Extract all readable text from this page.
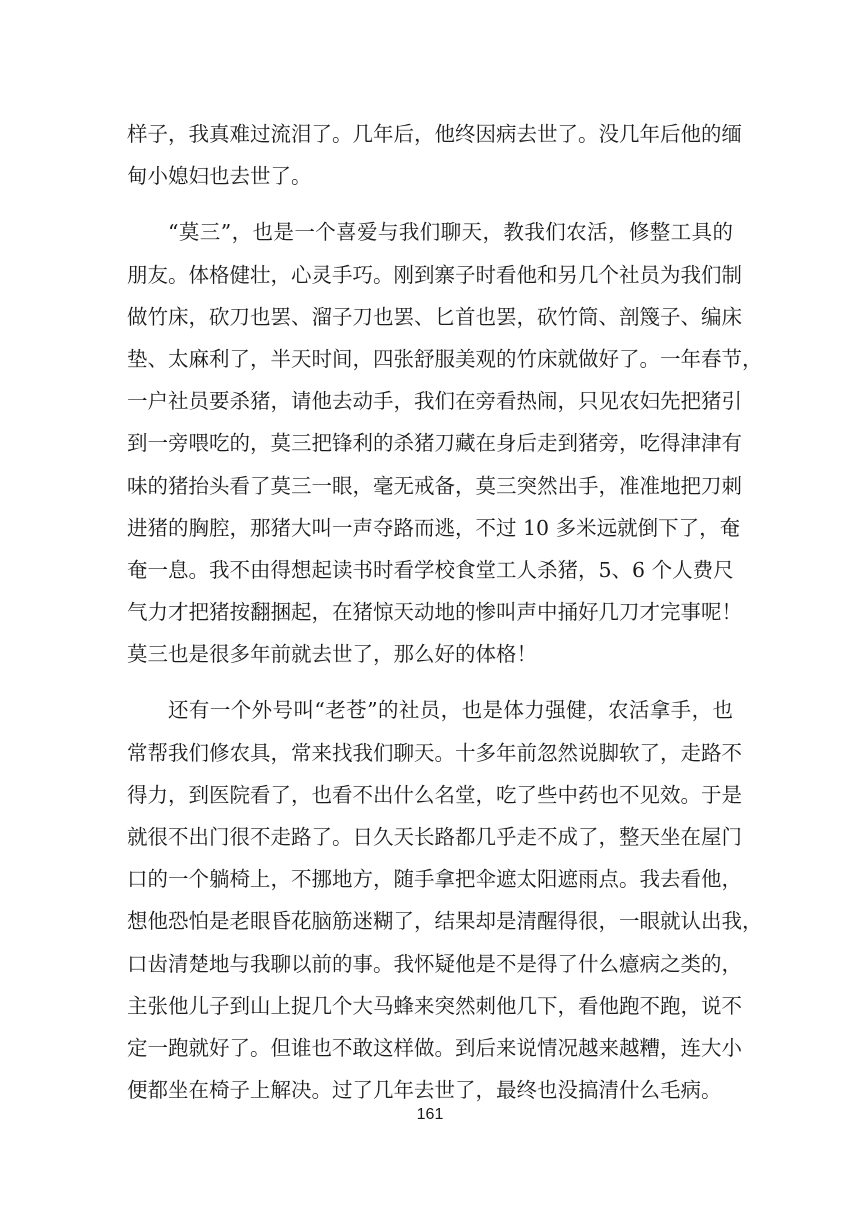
样子，我真难过流泪了。几年后，他终因病去世了。没几年后他的缅
甸小媳妇也去世了。
“莫三”，也是一个喜爱与我们聊天，教我们农活，修整工具的
朋友。体格健壮，心灵手巧。刚到寨子时看他和另几个社员为我们制
做竹床，砍刀也罢、溜子刀也罢、匕首也罢，砍竹筒、剖篾子、编床
垫、太麻利了，半天时间，四张舒服美观的竹床就做好了。一年春节，
一户社员要杀猪，请他去动手，我们在旁看热闹，只见农妇先把猪引
到一旁喂吃的，莫三把锋利的杀猪刀藏在身后走到猪旁，吃得津津有
味的猪抬头看了莫三一眼，毫无戒备，莫三突然出手，准准地把刀刺
进猪的胸腔，那猪大叫一声夺路而逃，不过 10 多米远就倒下了，奄
奄一息。我不由得想起读书时看学校食堂工人杀猪，5、6 个人费尺
气力才把猪按翻捆起，在猪惊天动地的惨叫声中捅好几刀才完事呢！
莫三也是很多年前就去世了，那么好的体格！
还有一个外号叫“老苍”的社员，也是体力强健，农活拿手，也
常帮我们修农具，常来找我们聊天。十多年前忽然说脚软了，走路不
得力，到医院看了，也看不出什么名堂，吃了些中药也不见效。于是
就很不出门很不走路了。日久天长路都几乎走不成了，整天坐在屋门
口的一个躺椅上，不挪地方，随手拿把伞遮太阳遮雨点。我去看他，
想他恐怕是老眼昏花脑筋迷糊了，结果却是清醒得很，一眼就认出我，
口齿清楚地与我聊以前的事。我怀疑他是不是得了什么癔病之类的，
主张他儿子到山上捉几个大马蜂来突然刺他几下，看他跑不跑，说不
定一跑就好了。但谁也不敢这样做。到后来说情况越来越糟，连大小
便都坐在椅子上解决。过了几年去世了，最终也没搞清什么毛病。
161
